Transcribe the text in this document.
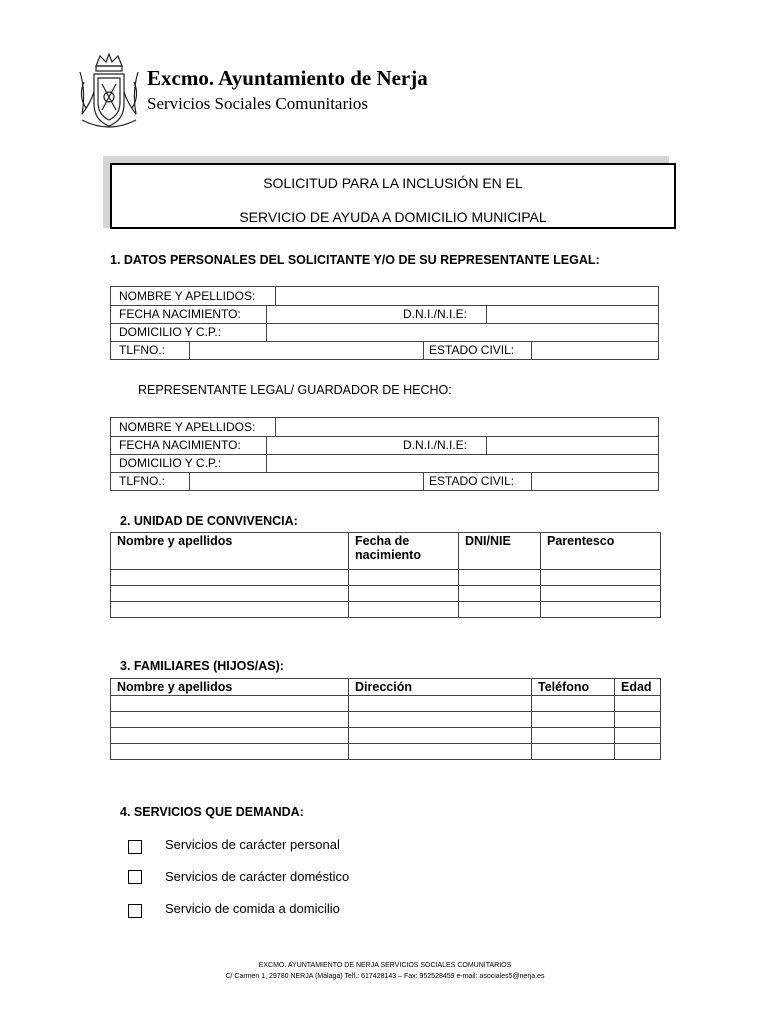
Excmo. Ayuntamiento de Nerja
Servicios Sociales Comunitarios
SOLICITUD PARA LA INCLUSIÓN EN EL
SERVICIO DE AYUDA A DOMICILIO MUNICIPAL
1. DATOS PERSONALES DEL SOLICITANTE Y/O DE SU REPRESENTANTE LEGAL:
NOMBRE Y APELLIDOS:
FECHA NACIMIENTO:	D.N.I./N.I.E:
DOMICILIO Y C.P.:
TLFNO.:	ESTADO CIVIL:
REPRESENTANTE LEGAL/ GUARDADOR DE HECHO:
NOMBRE Y APELLIDOS:
FECHA NACIMIENTO:	D.N.I./N.I.E:
DOMICILIO Y C.P.:
TLFNO.:	ESTADO CIVIL:
2. UNIDAD DE CONVIVENCIA:
Nombre y apellidos	Fecha de nacimiento	DNI/NIE	Parentesco

3. FAMILIARES (HIJOS/AS):
Nombre y apellidos	Dirección	Teléfono	Edad

4. SERVICIOS QUE DEMANDA:
Servicios de carácter personal
Servicios de carácter doméstico
Servicio de comida a domicilio
EXCMO. AYUNTAMIENTO DE NERJA SERVICIOS SOCIALES COMUNITARIOS
C/ Carmen 1, 29780 NERJA (Málaga) Telf.: 617428143 – Fax: 952528459 e-mail: asociales5@nerja.es
